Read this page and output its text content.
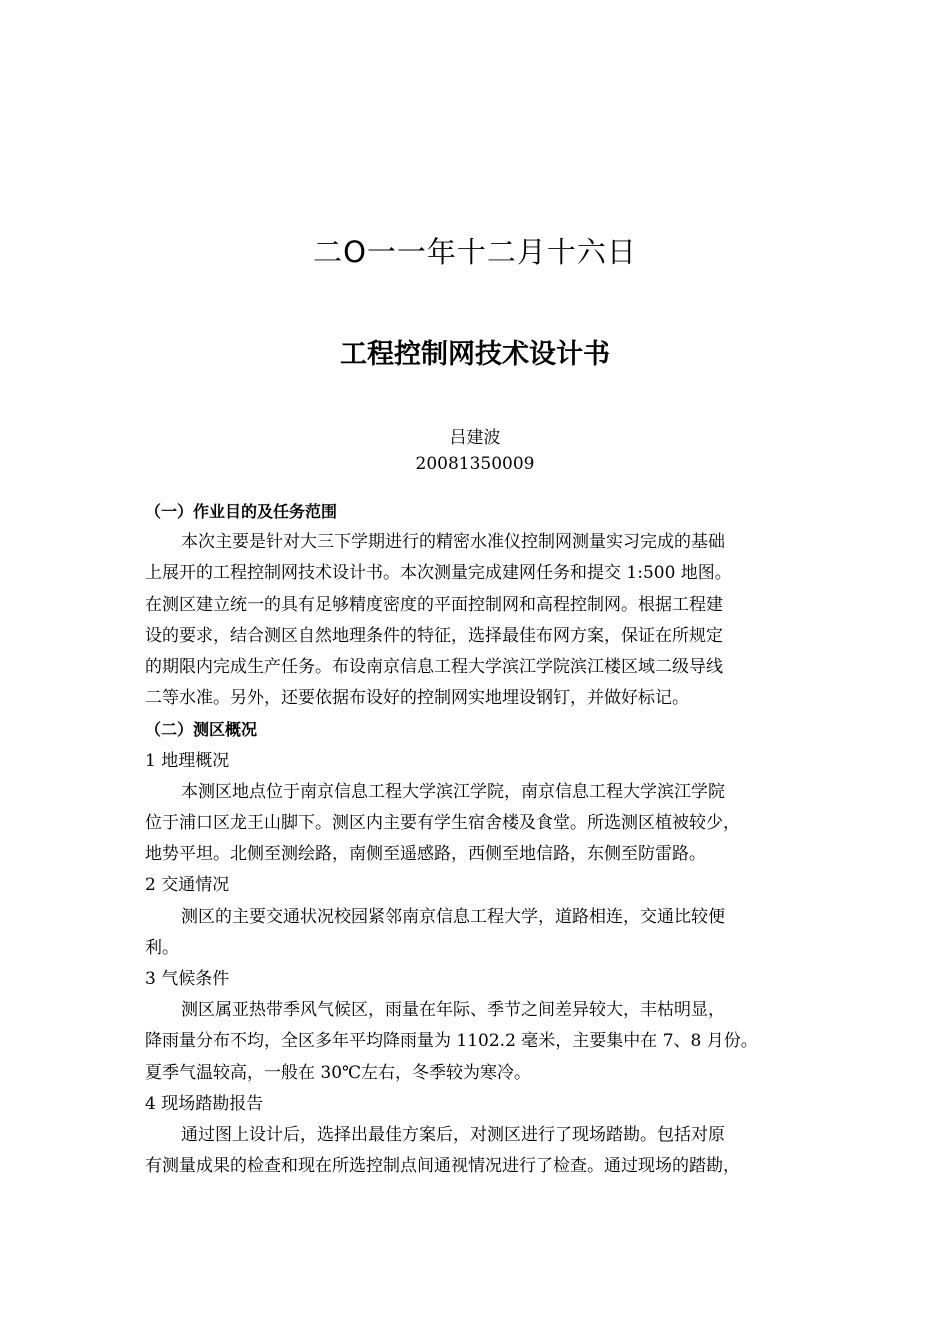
二O一一年十二月十六日
工程控制网技术设计书
吕建波
20081350009
（一）作业目的及任务范围
本次主要是针对大三下学期进行的精密水准仪控制网测量实习完成的基础
上展开的工程控制网技术设计书。本次测量完成建网任务和提交 1:500 地图。
在测区建立统一的具有足够精度密度的平面控制网和高程控制网。根据工程建
设的要求，结合测区自然地理条件的特征，选择最佳布网方案，保证在所规定
的期限内完成生产任务。布设南京信息工程大学滨江学院滨江楼区域二级导线
二等水准。另外，还要依据布设好的控制网实地埋设钢钉，并做好标记。
（二）测区概况
1 地理概况
本测区地点位于南京信息工程大学滨江学院，南京信息工程大学滨江学院
位于浦口区龙王山脚下。测区内主要有学生宿舍楼及食堂。所选测区植被较少，
地势平坦。北侧至测绘路，南侧至遥感路，西侧至地信路，东侧至防雷路。
2 交通情况
测区的主要交通状况校园紧邻南京信息工程大学，道路相连，交通比较便
利。
3 气候条件
测区属亚热带季风气候区，雨量在年际、季节之间差异较大，丰枯明显，
降雨量分布不均，全区多年平均降雨量为 1102.2 毫米，主要集中在 7、8 月份。
夏季气温较高，一般在 30℃左右，冬季较为寒冷。
4 现场踏勘报告
通过图上设计后，选择出最佳方案后，对测区进行了现场踏勘。包括对原
有测量成果的检查和现在所选控制点间通视情况进行了检查。通过现场的踏勘，
